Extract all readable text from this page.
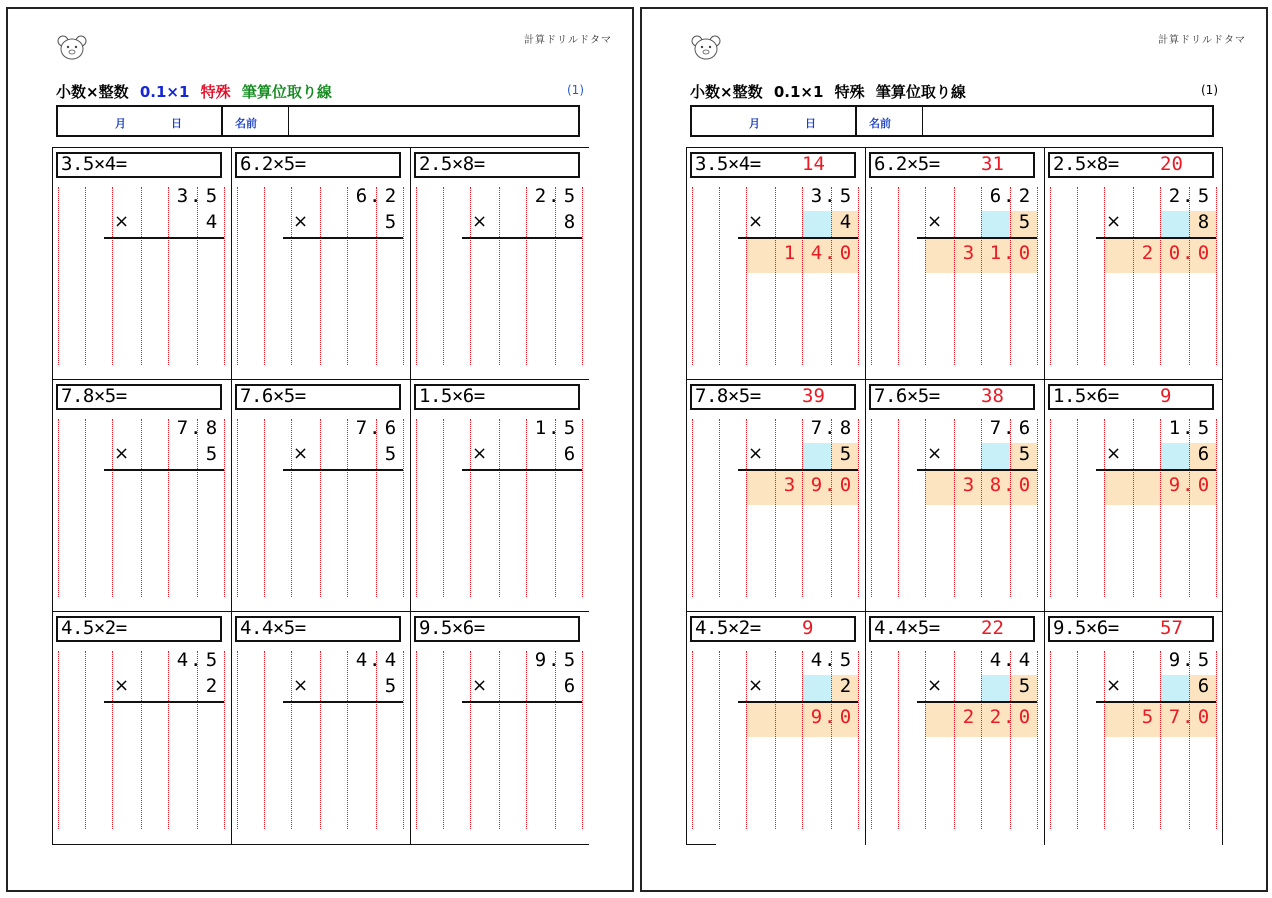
計算ドリルドタマ
小数×整数 0.1×1 特殊 筆算位取り線	(1)
月	日	名前
3.5×4=
×
3 . 5
4
6.2×5=
×
6 . 2
5
2.5×8=
×
2 . 5
8
7.8×5=
×
7 . 8
5
7.6×5=
×
7 . 6
5
1.5×6=
×
1 . 5
6
4.5×2=
×
4 . 5
2
4.4×5=
×
4 . 4
5
9.5×6=
×
9 . 5
6
計算ドリルドタマ
小数×整数 0.1×1 特殊 筆算位取り線	(1)
月	日	名前
3.5×4= 14
×
3 . 5
4
1 4 . 0
6.2×5= 31
×
6 . 2
5
3 1 . 0
2.5×8= 20
×
2 . 5
8
2 0 . 0
7.8×5= 39
×
7 . 8
5
3 9 . 0
7.6×5= 38
×
7 . 6
5
3 8 . 0
1.5×6= 9
×
1 . 5
6
9 . 0
4.5×2= 9
×
4 . 5
2
9 . 0
4.4×5= 22
×
4 . 4
5
2 2 . 0
9.5×6= 57
×
9 . 5
6
5 7 . 0
